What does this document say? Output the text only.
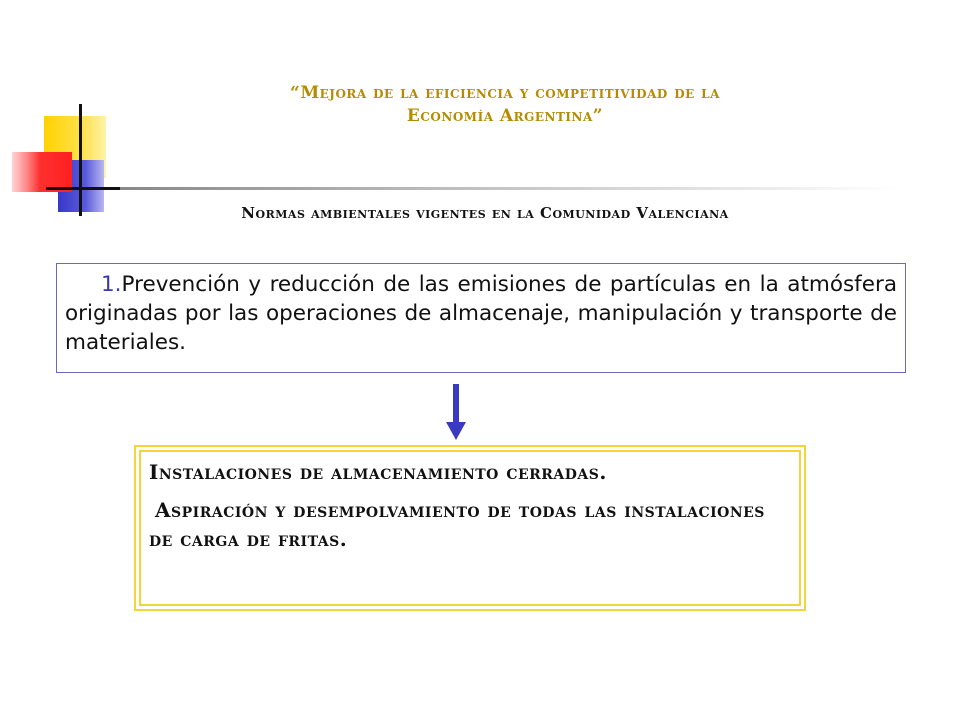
“Mejora de la eficiencia y competitividad de la
Economía Argentina”
Normas ambientales vigentes en la Comunidad Valenciana
1.Prevención y reducción de las emisiones de partículas en la atmósfera originadas por las operaciones de almacenaje, manipulación y transporte de materiales.

Instalaciones de almacenamiento cerradas.

Aspiración y desempolvamiento de todas las instalaciones de carga de fritas.
